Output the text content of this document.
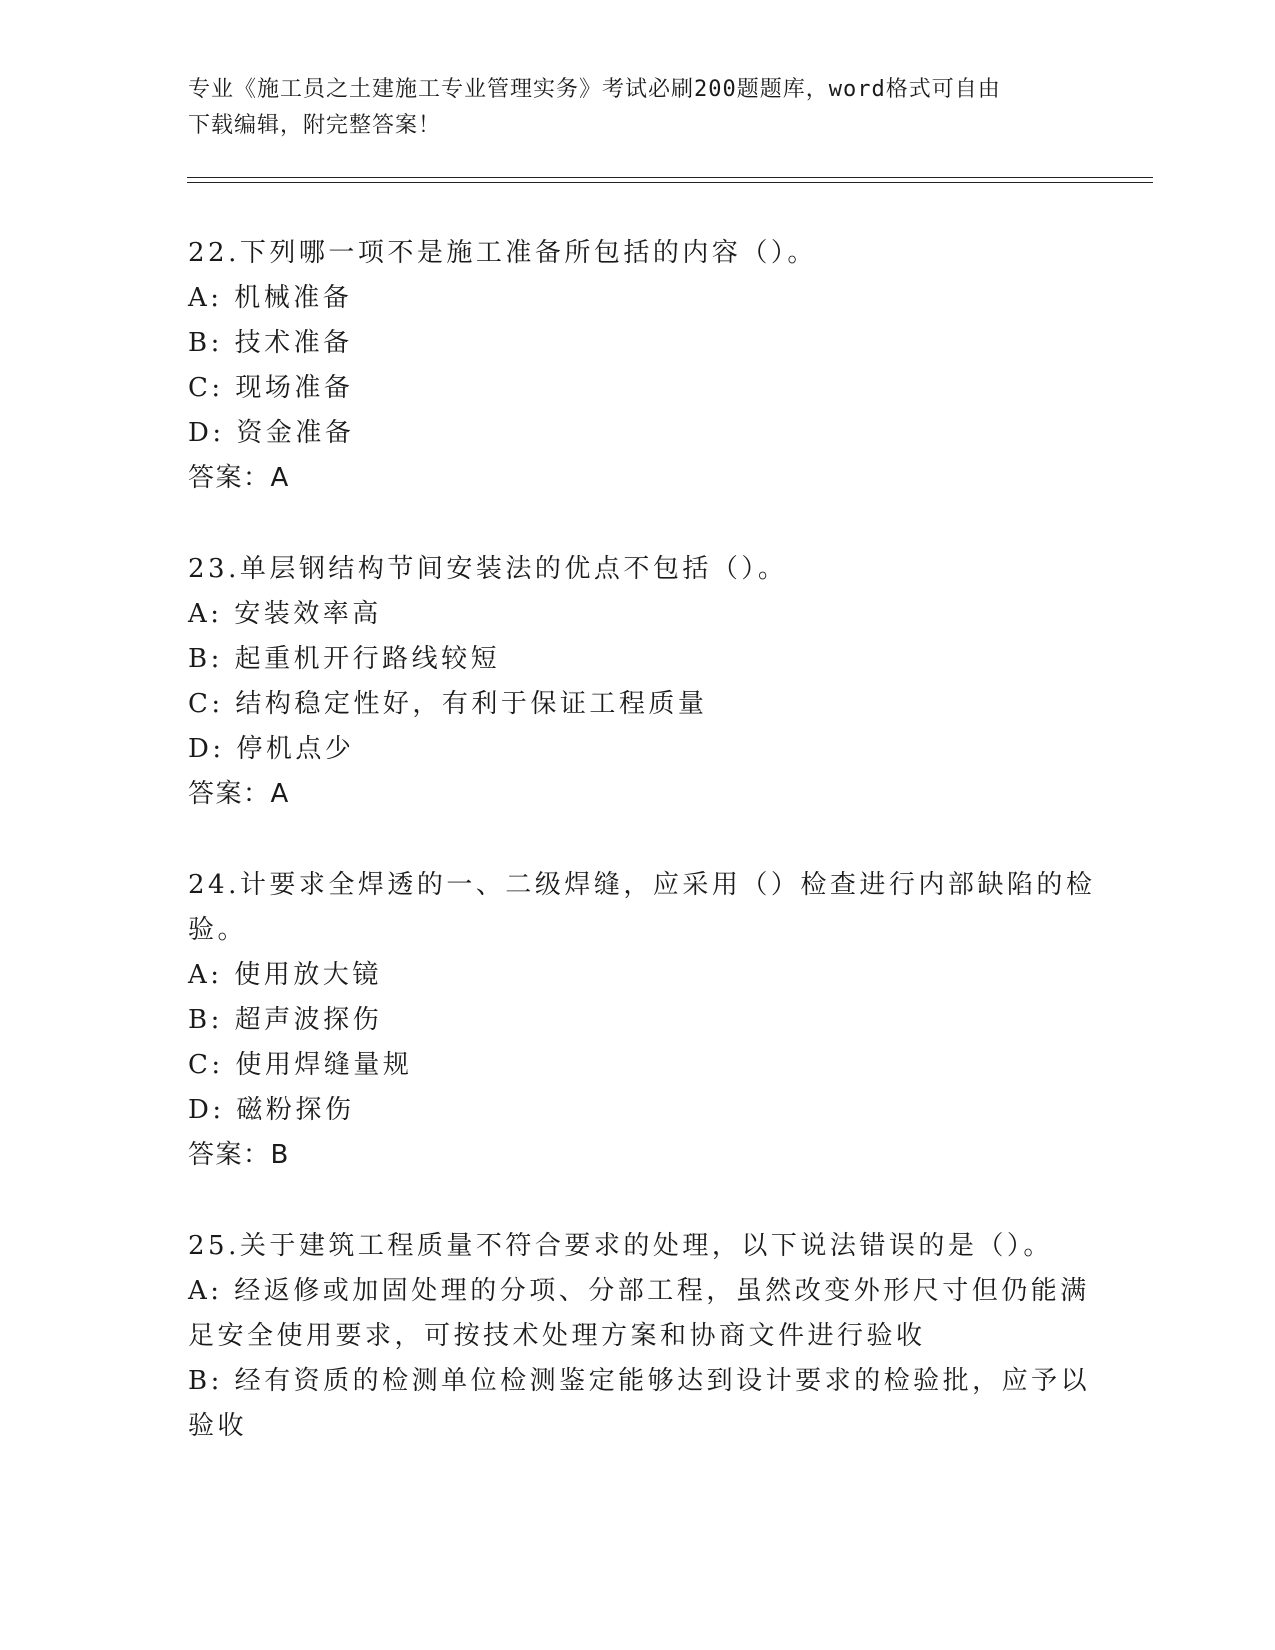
专业《施工员之土建施工专业管理实务》考试必刷200题题库，word格式可自由
下载编辑，附完整答案！
22.下列哪一项不是施工准备所包括的内容（）。
A: 机械准备
B: 技术准备
C: 现场准备
D: 资金准备
答案：A
23.单层钢结构节间安装法的优点不包括（）。
A: 安装效率高
B: 起重机开行路线较短
C: 结构稳定性好，有利于保证工程质量
D: 停机点少
答案：A
24.计要求全焊透的一、二级焊缝，应采用（）检查进行内部缺陷的检
验。
A: 使用放大镜
B: 超声波探伤
C: 使用焊缝量规
D: 磁粉探伤
答案：B
25.关于建筑工程质量不符合要求的处理，以下说法错误的是（）。
A: 经返修或加固处理的分项、分部工程，虽然改变外形尺寸但仍能满
足安全使用要求，可按技术处理方案和协商文件进行验收
B: 经有资质的检测单位检测鉴定能够达到设计要求的检验批，应予以
验收
